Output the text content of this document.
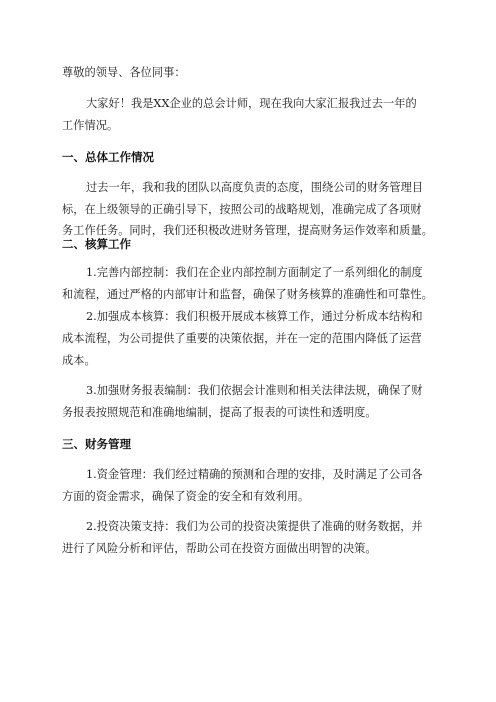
尊敬的领导、各位同事：
大家好！我是XX企业的总会计师，现在我向大家汇报我过去一年的
工作情况。
一、总体工作情况
过去一年，我和我的团队以高度负责的态度，围绕公司的财务管理目
标，在上级领导的正确引导下，按照公司的战略规划，准确完成了各项财
务工作任务。同时，我们还积极改进财务管理，提高财务运作效率和质量。
二、核算工作
1.完善内部控制：我们在企业内部控制方面制定了一系列细化的制度
和流程，通过严格的内部审计和监督，确保了财务核算的准确性和可靠性。
2.加强成本核算：我们积极开展成本核算工作，通过分析成本结构和
成本流程，为公司提供了重要的决策依据，并在一定的范围内降低了运营
成本。
3.加强财务报表编制：我们依据会计准则和相关法律法规，确保了财
务报表按照规范和准确地编制，提高了报表的可读性和透明度。
三、财务管理
1.资金管理：我们经过精确的预测和合理的安排，及时满足了公司各
方面的资金需求，确保了资金的安全和有效利用。
2.投资决策支持：我们为公司的投资决策提供了准确的财务数据，并
进行了风险分析和评估，帮助公司在投资方面做出明智的决策。
